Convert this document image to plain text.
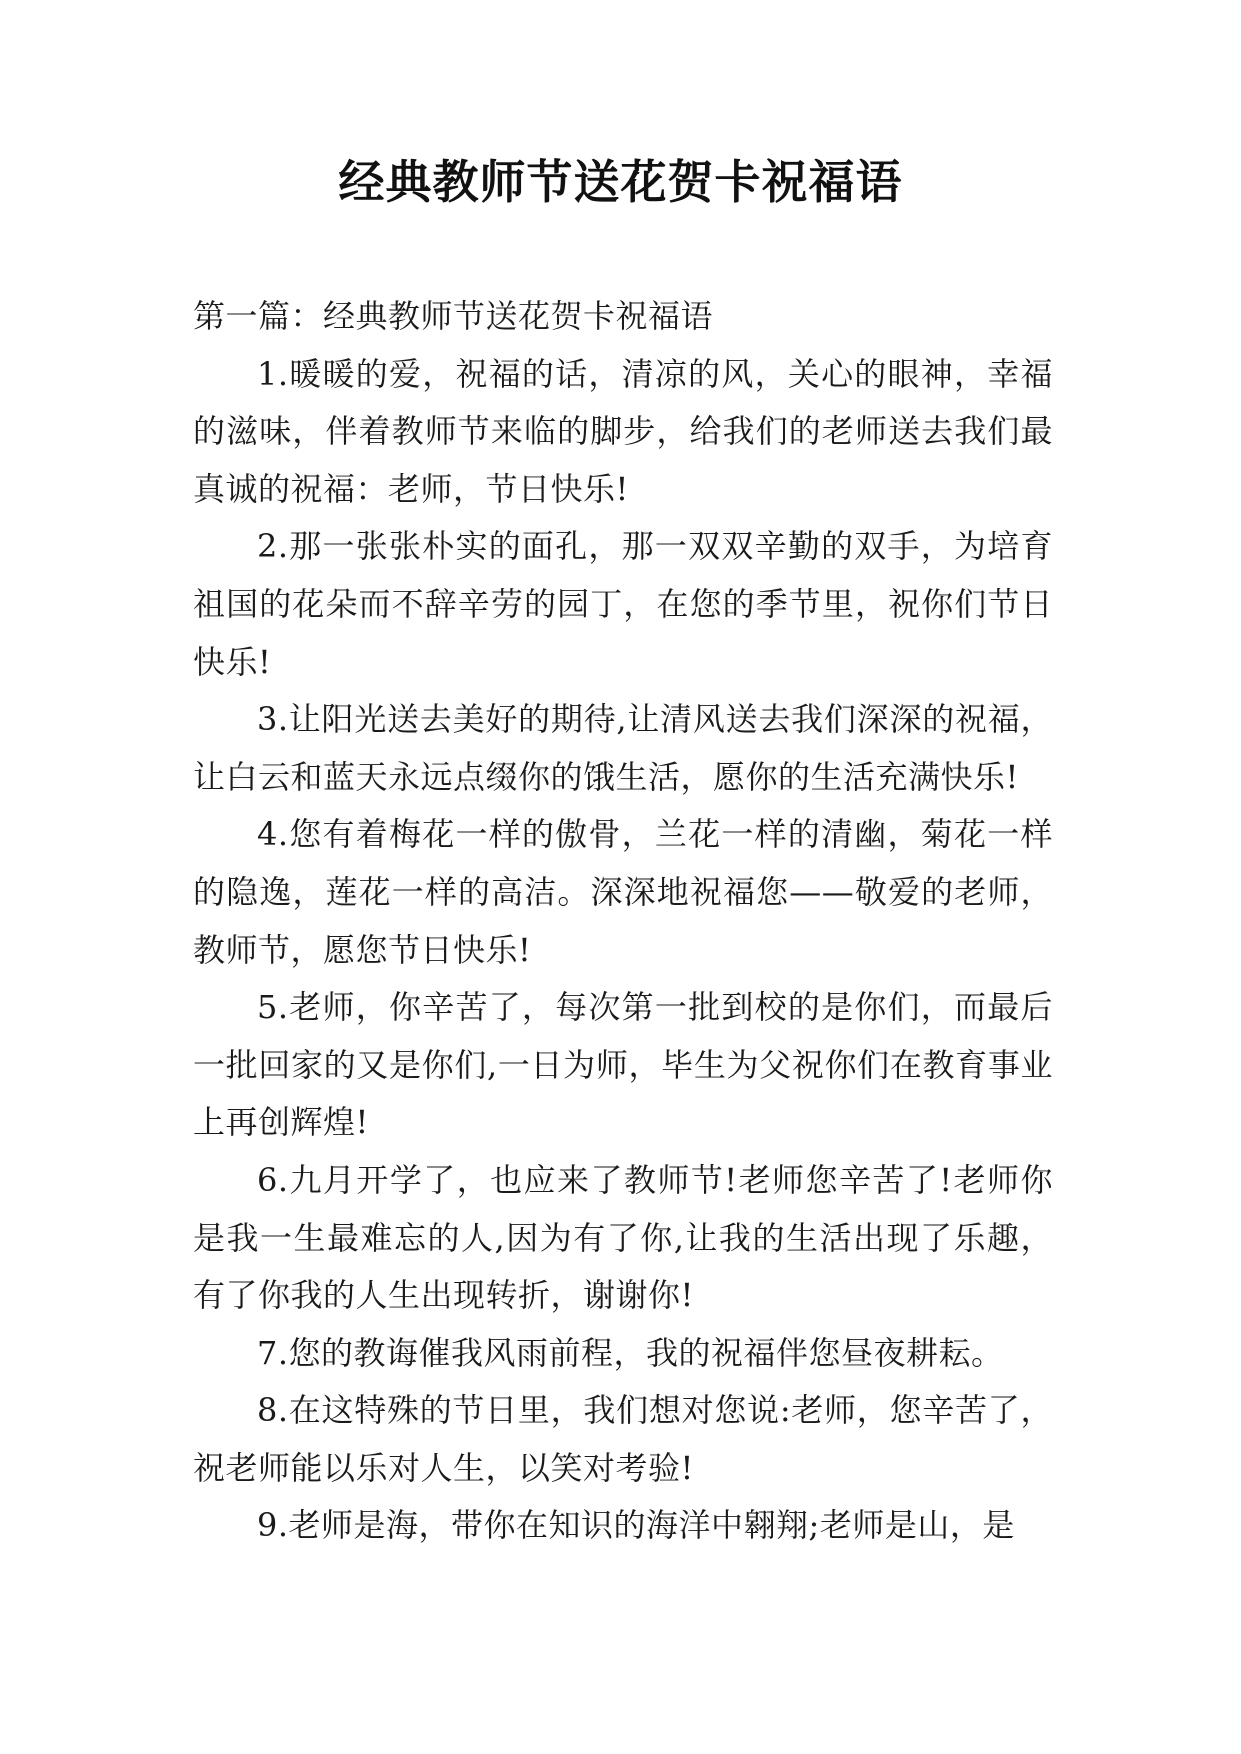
经典教师节送花贺卡祝福语

第一篇：经典教师节送花贺卡祝福语

1.暖暖的爱，祝福的话，清凉的风，关心的眼神，幸福的滋味，伴着教师节来临的脚步，给我们的老师送去我们最真诚的祝福：老师，节日快乐!

2.那一张张朴实的面孔，那一双双辛勤的双手，为培育祖国的花朵而不辞辛劳的园丁，在您的季节里，祝你们节日快乐!

3.让阳光送去美好的期待,让清风送去我们深深的祝福，让白云和蓝天永远点缀你的饿生活，愿你的生活充满快乐!

4.您有着梅花一样的傲骨，兰花一样的清幽，菊花一样的隐逸，莲花一样的高洁。深深地祝福您——敬爱的老师，教师节，愿您节日快乐!

5.老师，你辛苦了，每次第一批到校的是你们，而最后一批回家的又是你们,一日为师，毕生为父祝你们在教育事业上再创辉煌!

6.九月开学了，也应来了教师节!老师您辛苦了!老师你是我一生最难忘的人,因为有了你,让我的生活出现了乐趣，有了你我的人生出现转折，谢谢你!

7.您的教诲催我风雨前程，我的祝福伴您昼夜耕耘。

8.在这特殊的节日里，我们想对您说:老师，您辛苦了，祝老师能以乐对人生，以笑对考验!

9.老师是海，带你在知识的海洋中翱翔;老师是山，是
